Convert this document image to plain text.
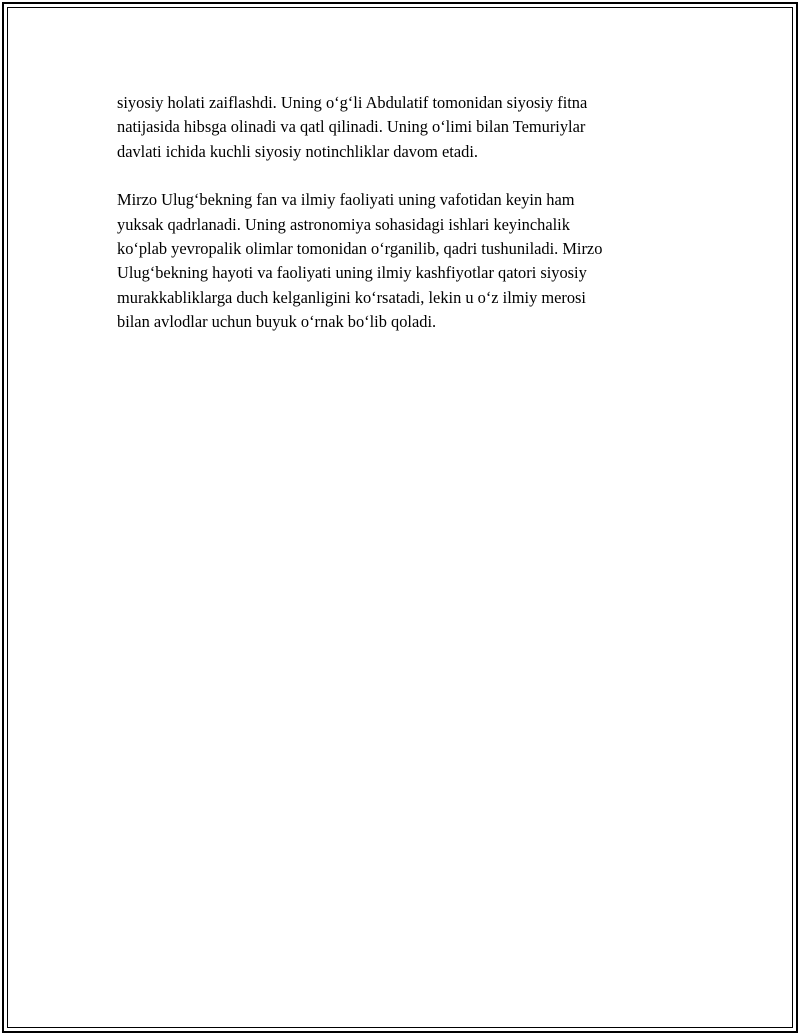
siyosiy holati zaiflashdi. Uning o‘g‘li Abdulatif tomonidan siyosiy fitna
natijasida hibsga olinadi va qatl qilinadi. Uning o‘limi bilan Temuriylar
davlati ichida kuchli siyosiy notinchliklar davom etadi.

Mirzo Ulug‘bekning fan va ilmiy faoliyati uning vafotidan keyin ham
yuksak qadrlanadi. Uning astronomiya sohasidagi ishlari keyinchalik
ko‘plab yevropalik olimlar tomonidan o‘rganilib, qadri tushuniladi. Mirzo
Ulug‘bekning hayoti va faoliyati uning ilmiy kashfiyotlar qatori siyosiy
murakkabliklarga duch kelganligini ko‘rsatadi, lekin u o‘z ilmiy merosi
bilan avlodlar uchun buyuk o‘rnak bo‘lib qoladi.
